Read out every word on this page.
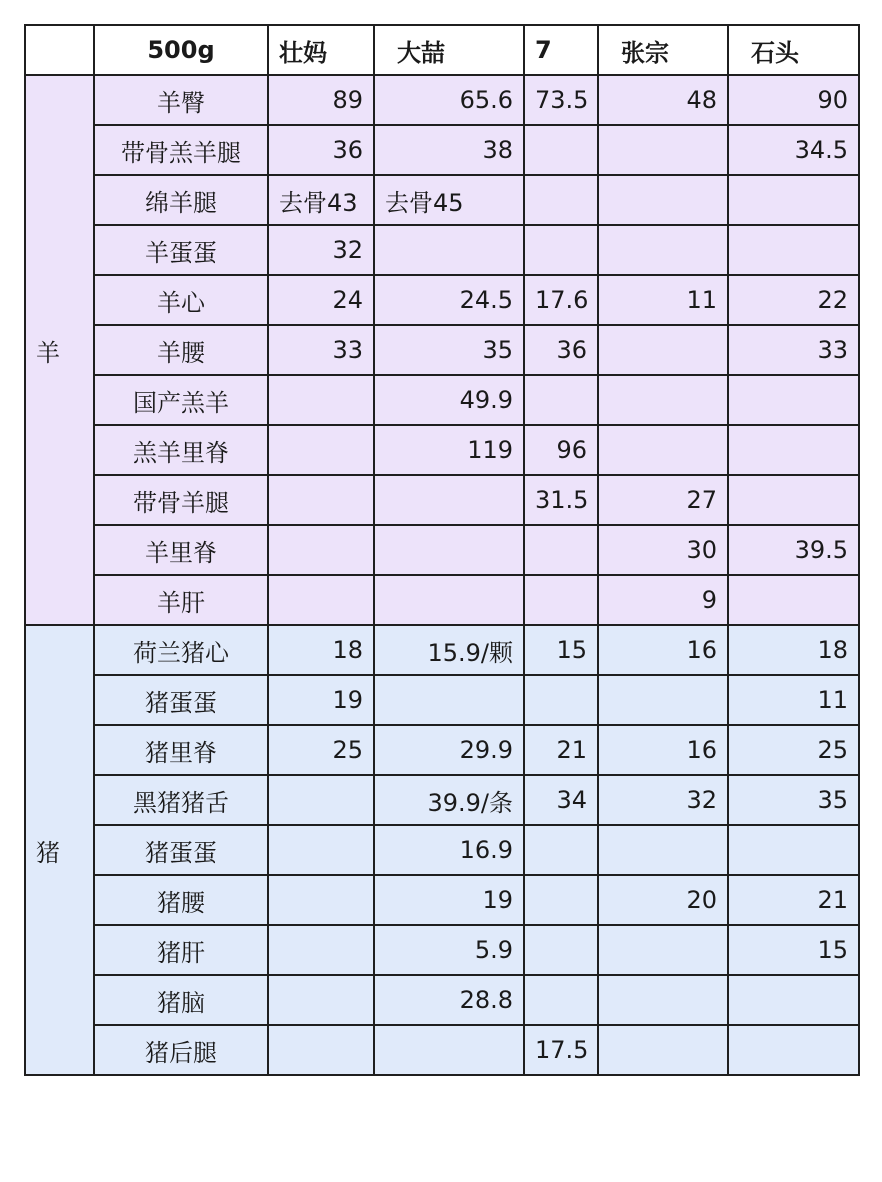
	500g	壮妈	大喆	7	张宗	石头
羊	羊臀	89	65.6	73.5	48	90
	带骨羔羊腿	36	38			34.5
	绵羊腿	去骨43	去骨45			
	羊蛋蛋	32				
	羊心	24	24.5	17.6	11	22
	羊腰	33	35	36		33
	国产羔羊		49.9			
	羔羊里脊		119	96		
	带骨羊腿			31.5	27	
	羊里脊				30	39.5
	羊肝				9	
猪	荷兰猪心	18	15.9/颗	15	16	18
	猪蛋蛋	19				11
	猪里脊	25	29.9	21	16	25
	黑猪猪舌		39.9/条	34	32	35
	猪蛋蛋		16.9			
	猪腰		19		20	21
	猪肝		5.9			15
	猪脑		28.8			
	猪后腿			17.5		
